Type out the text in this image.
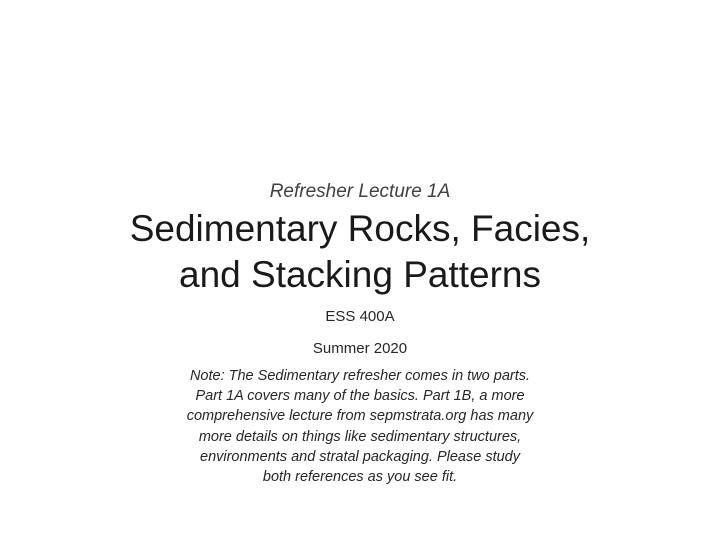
Refresher Lecture 1A
Sedimentary Rocks, Facies,
and Stacking Patterns
ESS 400A
Summer 2020
Note: The Sedimentary refresher comes in two parts.
Part 1A covers many of the basics. Part 1B, a more
comprehensive lecture from sepmstrata.org has many
more details on things like sedimentary structures,
environments and stratal packaging. Please study
both references as you see fit.
